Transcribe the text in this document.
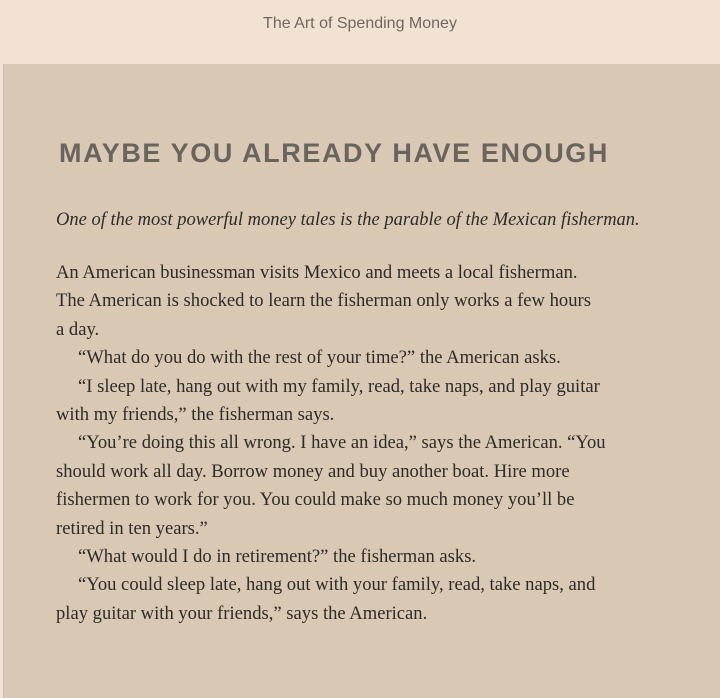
The Art of Spending Money
MAYBE YOU ALREADY HAVE ENOUGH

One of the most powerful money tales is the parable of the Mexican fisherman.

An American businessman visits Mexico and meets a local fisherman.

The American is shocked to learn the fisherman only works a few hours

a day.

“What do you do with the rest of your time?” the American asks.

“I sleep late, hang out with my family, read, take naps, and play guitar

with my friends,” the fisherman says.

“You’re doing this all wrong. I have an idea,” says the American. “You

should work all day. Borrow money and buy another boat. Hire more

fishermen to work for you. You could make so much money you’ll be

retired in ten years.”

“What would I do in retirement?” the fisherman asks.

“You could sleep late, hang out with your family, read, take naps, and

play guitar with your friends,” says the American.
